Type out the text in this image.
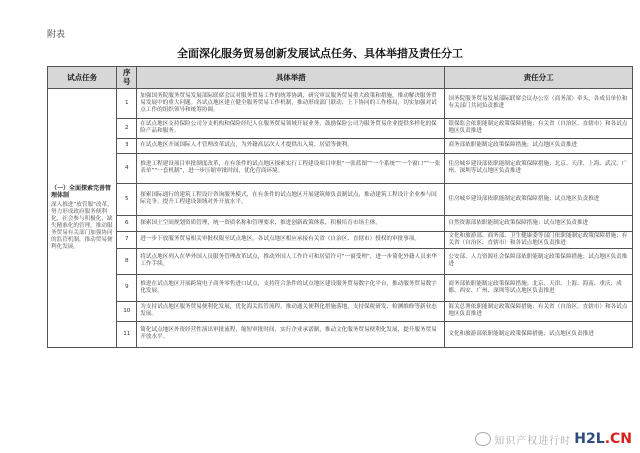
附表
全面深化服务贸易创新发展试点任务、具体举措及责任分工
试点任务	序号	具体举措	责任分工

（一）全面探索完善管理体制
深入推进“放管服”改革，努力形成政府服务便利化，社会参与积极化，缺失精准化的管理，推动服务贸易有关部门加强协同的监管机制，推动贸易便利化发展。	1	加强国务院服务贸易发展部际联席会议对服务贸易工作的统筹协调，研究审议服务贸易重大政策和措施，推动解决服务贸易发展中的重大问题。各试点地区建立健全服务贸易工作机制，推动形成部门联动、上下协同的工作格局，切实加强对试点工作的组织领导和统筹协调。	国务院服务贸易发展部际联席会议办公室（商务部）牵头，各成员单位和有关部门共同负责推进
	2	在试点地区支持保险公司分支机构和保险经纪人在服务贸易领域开展业务，鼓励保险公司为服务贸易企业提供多样化的保险产品和服务。	银保监会依职能制定政策保障措施；有关省（自治区、直辖市）和各试点地区负责推进
	3	在试点地区开展国际人才管理改革试点，为外籍高层次人才提供出入境、居留等便利。	商务部依职能制定政策保障措施；试点地区负责推进
	4	推进工程建设项目审批制度改革，在有条件的试点地区探索实行工程建设项目审批“一张蓝图”“一个系统”“一个窗口”“一张表单”“一套机制”，进一步压缩审批时间，优化营商环境。	住房城乡建设部依职能制定政策保障措施；北京、天津、上海、武汉、广州、深圳等试点地区负责推进
	5	探索国际通行的建筑工程设计咨询服务模式，在有条件的试点地区开展建筑师负责制试点，推动建筑工程设计企业参与国际竞争，提升工程建设领域对外开放水平。	住房城乡建设部依职能制定政策保障措施；试点地区负责推进
	6	探索国土空间规划资质管理，统一资质名称和管理要求，推进创新政策体系，积极培育市场主体。	自然资源部依职能制定政策保障措施；试点地区负责推进
	7	进一步下放服务贸易相关审批权限至试点地区，各试点地区相应承接有关省（自治区、直辖市）授权的审批事项。	文化和旅游部、商务部、卫生健康委等部门依职能制定政策保障措施；有关省（自治区、直辖市）和各试点地区负责推进
	8	将试点地区列入在华外国人员服务管理改革试点，推动外国人工作许可和居留许可“一窗受理”，进一步简化外籍人员来华工作手续。	公安部、人力资源社会保障部依职能制定政策保障措施；试点地区负责推进
	9	推进在试点地区开展跨境电子商务零售进口试点，支持符合条件的试点地区建设服务贸易数字化平台，推动服务贸易数字化发展。	商务部依职能制定政策保障措施；北京、天津、上海、海南、重庆、成都、西安、广州、深圳等试点地区负责推进
	10	为支持试点地区服务贸易便利化发展，优化海关监管流程，推动通关便利化措施落地，支持保税研发、检测维修等新业态发展。	海关总署依职能制定政策保障措施；有关省（自治区、直辖市）和各试点地区负责推进
	11	简化试点地区外资经营性演出审批流程，缩短审批时间，实行企业承诺制，推动文化服务贸易便利化发展，提升服务贸易开放水平。	文化和旅游部依职能制定政策保障措施；试点地区负责推进
知识产权进行时 H2L.CN
